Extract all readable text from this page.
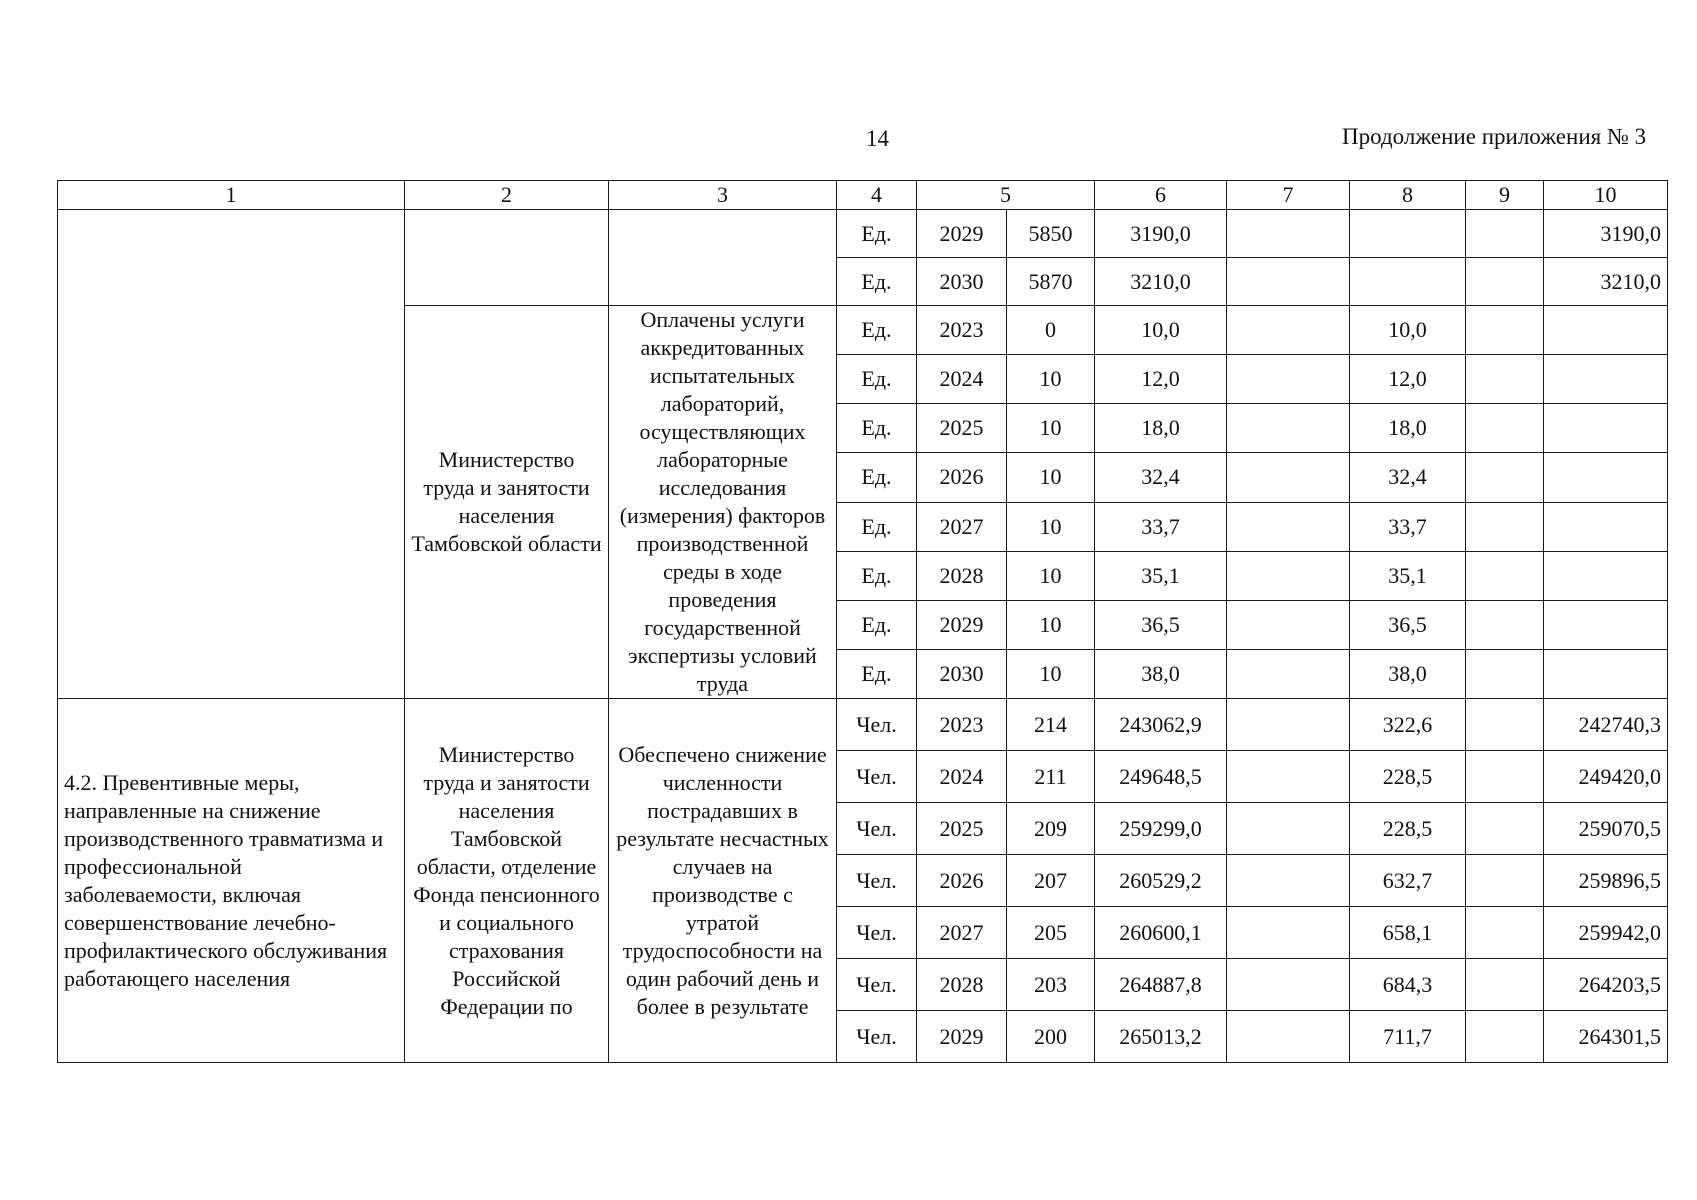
14	Продолжение приложения № 3
1	2	3	4	5		6	7	8	9	10
			Ед.	2029	5850	3190,0				3190,0
			Ед.	2030	5870	3210,0				3210,0
	Министерство труда и занятости населения Тамбовской области	Оплачены услуги аккредитованных испытательных лабораторий, осуществляющих лабораторные исследования (измерения) факторов производственной среды в ходе проведения государственной экспертизы условий труда	Ед.	2023	0	10,0		10,0		
			Ед.	2024	10	12,0		12,0		
			Ед.	2025	10	18,0		18,0		
			Ед.	2026	10	32,4		32,4		
			Ед.	2027	10	33,7		33,7		
			Ед.	2028	10	35,1		35,1		
			Ед.	2029	10	36,5		36,5		
			Ед.	2030	10	38,0		38,0		
4.2. Превентивные меры, направленные на снижение производственного травматизма и профессиональной заболеваемости, включая совершенствование лечебно-профилактического обслуживания работающего населения	Министерство труда и занятости населения Тамбовской области, отделение Фонда пенсионного и социального страхования Российской Федерации по	Обеспечено снижение численности пострадавших в результате несчастных случаев на производстве с утратой трудоспособности на один рабочий день и более в результате	Чел.	2023	214	243062,9		322,6		242740,3
			Чел.	2024	211	249648,5		228,5		249420,0
			Чел.	2025	209	259299,0		228,5		259070,5
			Чел.	2026	207	260529,2		632,7		259896,5
			Чел.	2027	205	260600,1		658,1		259942,0
			Чел.	2028	203	264887,8		684,3		264203,5
			Чел.	2029	200	265013,2		711,7		264301,5
